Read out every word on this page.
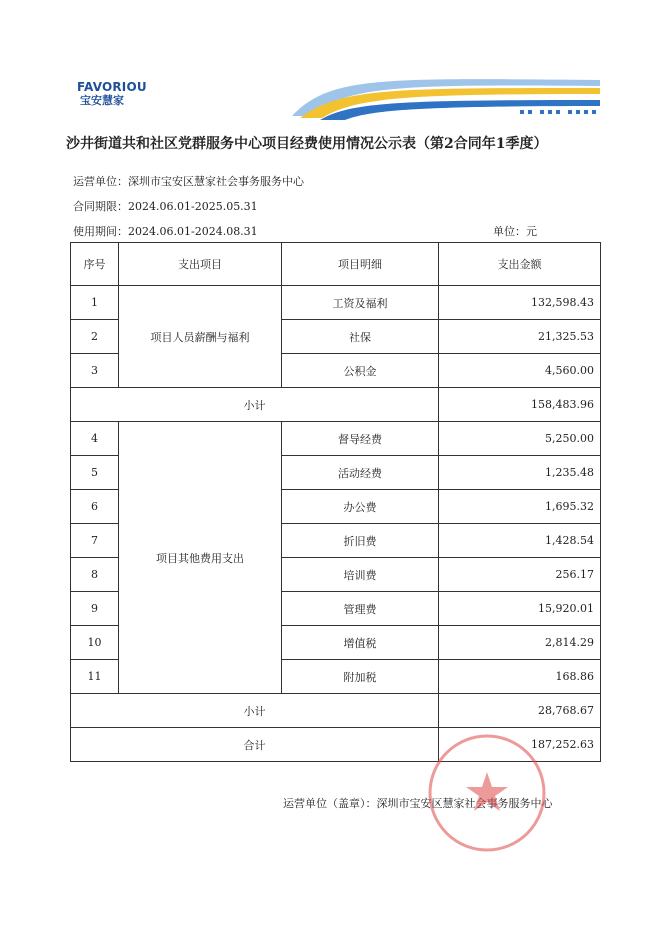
FAVORIOU
宝安慧家
沙井街道共和社区党群服务中心项目经费使用情况公示表（第2合同年1季度）
运营单位：深圳市宝安区慧家社会事务服务中心
合同期限：2024.06.01-2025.05.31
使用期间：2024.06.01-2024.08.31	单位：元
序号	支出项目	项目明细	支出金额
1	项目人员薪酬与福利	工资及福利	132,598.43
2		社保	21,325.53
3		公积金	4,560.00
小计			158,483.96
4	项目其他费用支出	督导经费	5,250.00
5		活动经费	1,235.48
6		办公费	1,695.32
7		折旧费	1,428.54
8		培训费	256.17
9		管理费	15,920.01
10		增值税	2,814.29
11		附加税	168.86
小计			28,768.67
合计			187,252.63
运营单位（盖章）：深圳市宝安区慧家社会事务服务中心
